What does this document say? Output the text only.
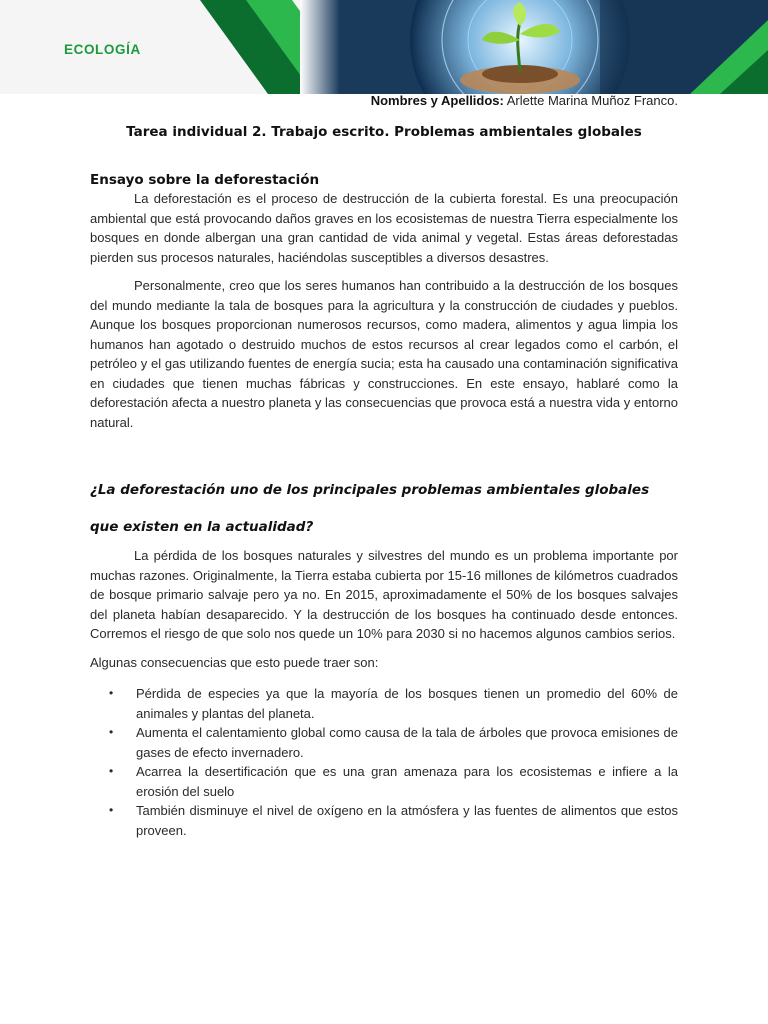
ECOLOGÍA
Nombres y Apellidos: Arlette Marina Muñoz Franco.
Tarea individual 2. Trabajo escrito. Problemas ambientales globales
Ensayo sobre la deforestación

La deforestación es el proceso de destrucción de la cubierta forestal. Es una preocupación ambiental que está provocando daños graves en los ecosistemas de nuestra Tierra especialmente los bosques en donde albergan una gran cantidad de vida animal y vegetal. Estas áreas deforestadas pierden sus procesos naturales, haciéndolas susceptibles a diversos desastres.

Personalmente, creo que los seres humanos han contribuido a la destrucción de los bosques del mundo mediante la tala de bosques para la agricultura y la construcción de ciudades y pueblos. Aunque los bosques proporcionan numerosos recursos, como madera, alimentos y agua limpia los humanos han agotado o destruido muchos de estos recursos al crear legados como el carbón, el petróleo y el gas utilizando fuentes de energía sucia; esta ha causado una contaminación significativa en ciudades que tienen muchas fábricas y construcciones. En este ensayo, hablaré como la deforestación afecta a nuestro planeta y las consecuencias que provoca está a nuestra vida y entorno natural.

¿La deforestación uno de los principales problemas ambientales globales que existen en la actualidad?

La pérdida de los bosques naturales y silvestres del mundo es un problema importante por muchas razones. Originalmente, la Tierra estaba cubierta por 15-16 millones de kilómetros cuadrados de bosque primario salvaje pero ya no. En 2015, aproximadamente el 50% de los bosques salvajes del planeta habían desaparecido. Y la destrucción de los bosques ha continuado desde entonces. Corremos el riesgo de que solo nos quede un 10% para 2030 si no hacemos algunos cambios serios.

Algunas consecuencias que esto puede traer son:

• Pérdida de especies ya que la mayoría de los bosques tienen un promedio del 60% de animales y plantas del planeta.
• Aumenta el calentamiento global como causa de la tala de árboles que provoca emisiones de gases de efecto invernadero.
• Acarrea la desertificación que es una gran amenaza para los ecosistemas e infiere a la erosión del suelo
• También disminuye el nivel de oxígeno en la atmósfera y las fuentes de alimentos que estos proveen.
